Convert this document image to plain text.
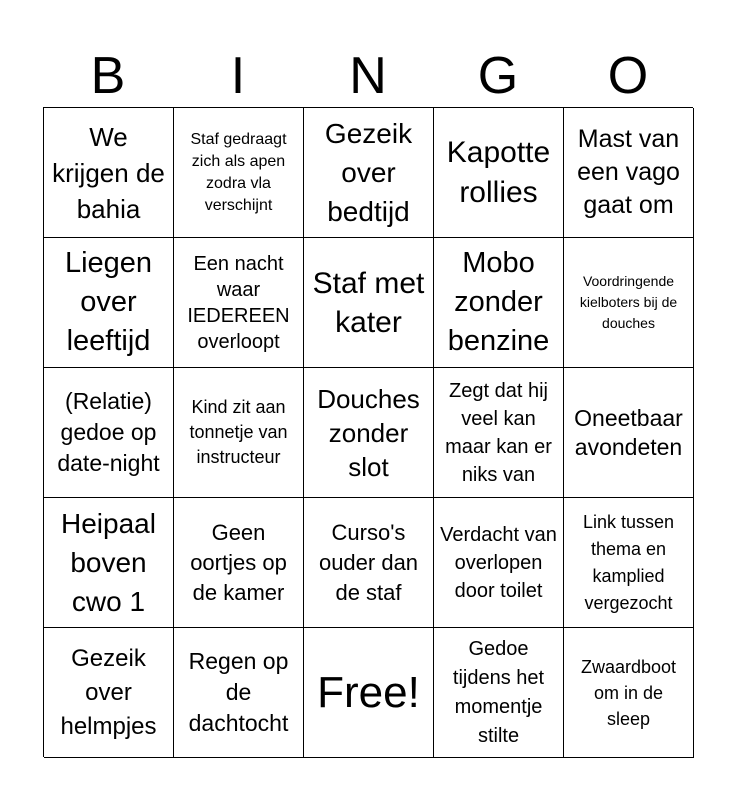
B	I	N	G	O
We krijgen de bahia
Staf gedraagt zich als apen zodra vla verschijnt
Gezeik over bedtijd
Kapotte rollies
Mast van een vago gaat om
Liegen over leeftijd
Een nacht waar IEDEREEN overloopt
Staf met kater
Mobo zonder benzine
Voordringende kielboters bij de douches
(Relatie) gedoe op date-night
Kind zit aan tonnetje van instructeur
Douches zonder slot
Zegt dat hij veel kan maar kan er niks van
Oneetbaar avondeten
Heipaal boven cwo 1
Geen oortjes op de kamer
Curso's ouder dan de staf
Verdacht van overlopen door toilet
Link tussen thema en kamplied vergezocht
Gezeik over helmpjes
Regen op de dachtocht
Free!
Gedoe tijdens het momentje stilte
Zwaardboot om in de sleep
